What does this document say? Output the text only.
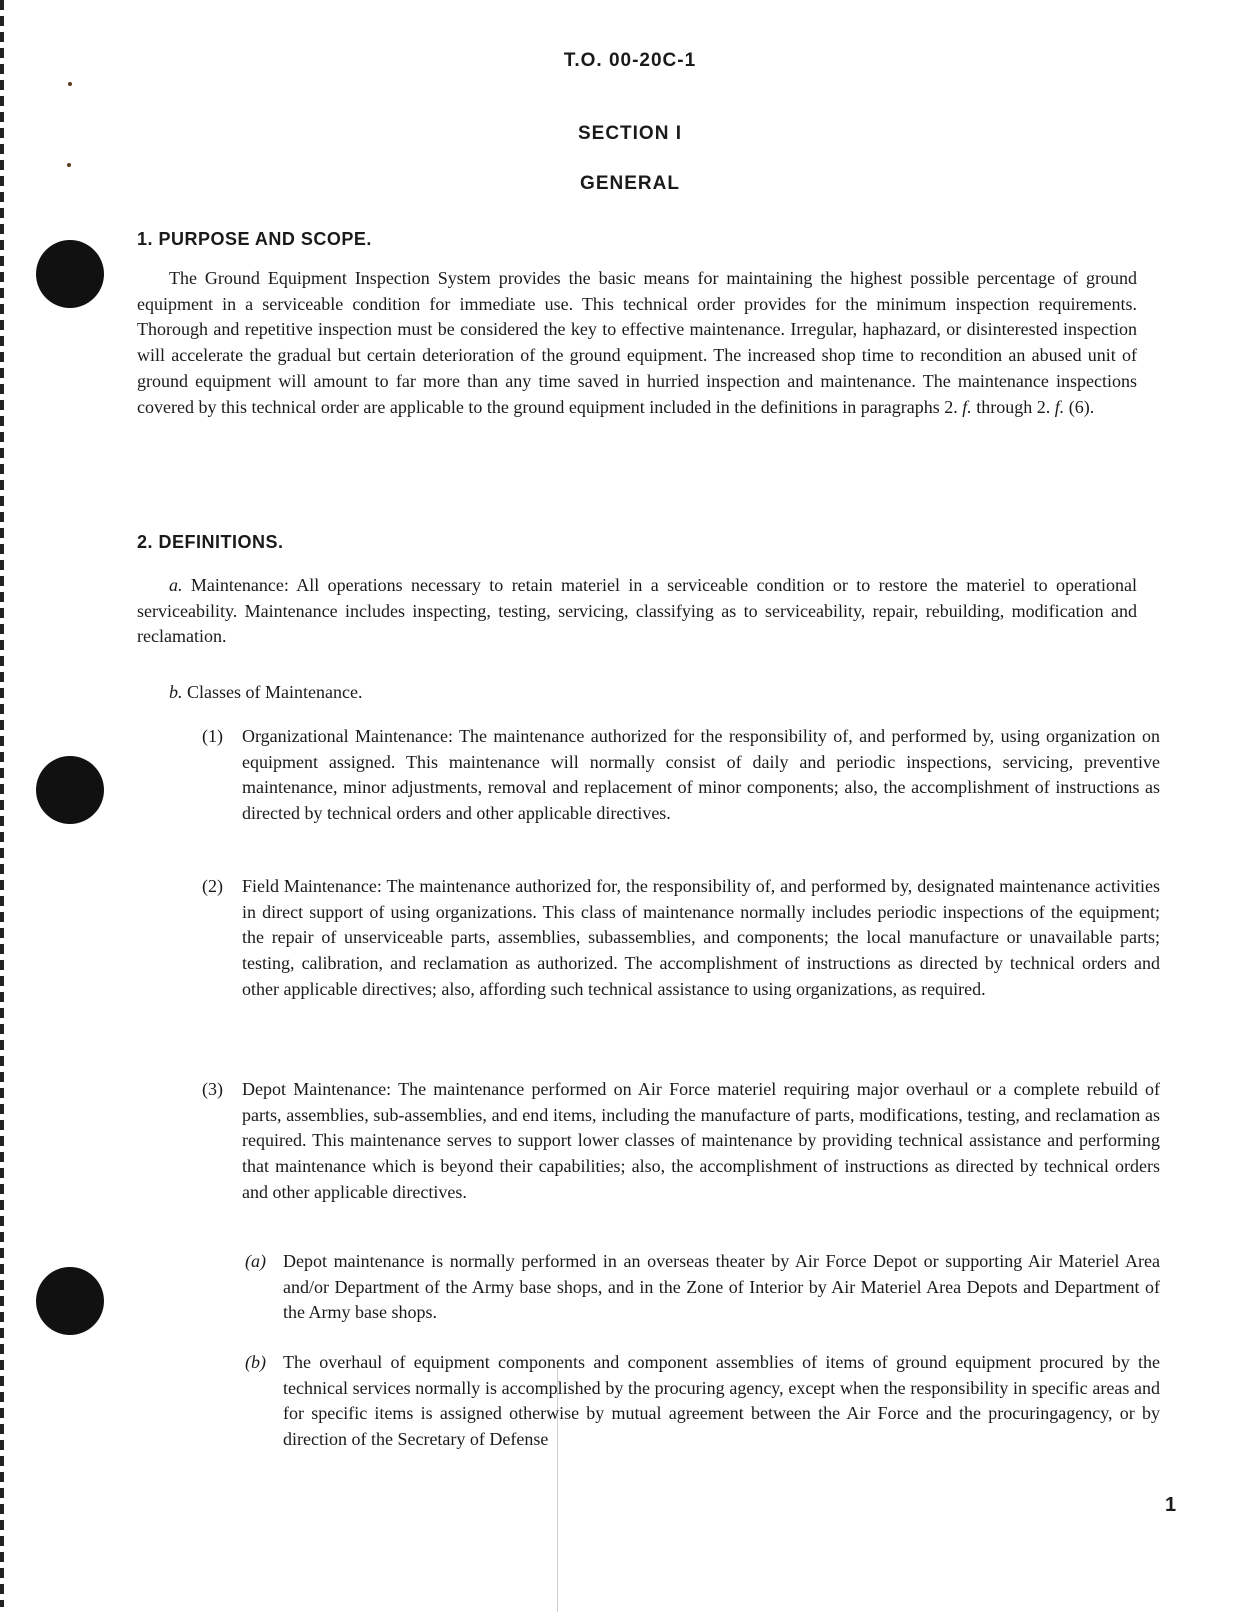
T.O. 00-20C-1
SECTION I
GENERAL
1. PURPOSE AND SCOPE.

The Ground Equipment Inspection System provides the basic means for maintaining the highest possible percentage of ground equipment in a serviceable condition for immediate use. This technical order provides for the minimum inspection requirements. Thorough and repetitive inspection must be considered the key to effective maintenance. Irregular, haphazard, or disinterested inspection will accelerate the gradual but certain deterioration of the ground equipment. The increased shop time to recondition an abused unit of ground equipment will amount to far more than any time saved in hurried inspection and maintenance. The maintenance inspections covered by this technical order are applicable to the ground equipment included in the definitions in paragraphs 2. f. through 2. f. (6).

2. DEFINITIONS.

a. Maintenance: All operations necessary to retain materiel in a serviceable condition or to restore the materiel to operational serviceability. Maintenance includes inspecting, testing, servicing, classifying as to serviceability, repair, rebuilding, modification and reclamation.

b. Classes of Maintenance.

(1)	Organizational Maintenance: The maintenance authorized for the responsibility of, and performed by, using organization on equipment assigned. This maintenance will normally consist of daily and periodic inspections, servicing, preventive maintenance, minor adjustments, removal and replacement of minor components; also, the accomplishment of instructions as directed by technical orders and other applicable directives.

(2)	Field Maintenance: The maintenance authorized for, the responsibility of, and performed by, designated maintenance activities in direct support of using organizations. This class of maintenance normally includes periodic inspections of the equipment; the repair of unserviceable parts, assemblies, subassemblies, and components; the local manufacture or unavailable parts; testing, calibration, and reclamation as authorized. The accomplishment of instructions as directed by technical orders and other applicable directives; also, affording such technical assistance to using organizations, as required.

(3)	Depot Maintenance: The maintenance performed on Air Force materiel requiring major overhaul or a complete rebuild of parts, assemblies, sub-assemblies, and end items, including the manufacture of parts, modifications, testing, and reclamation as required. This maintenance serves to support lower classes of maintenance by providing technical assistance and performing that maintenance which is beyond their capabilities; also, the accomplishment of instructions as directed by technical orders and other applicable directives.

(a) Depot maintenance is normally performed in an overseas theater by Air Force Depot or supporting Air Materiel Area and/or Department of the Army base shops, and in the Zone of Interior by Air Materiel Area Depots and Department of the Army base shops.

(b) The overhaul of equipment components and component assemblies of items of ground equipment procured by the technical services normally is accomplished by the procuring agency, except when the responsibility in specific areas and for specific items is assigned otherwise by mutual agreement between the Air Force and the procuringagency, or by direction of the Secretary of Defense

1
